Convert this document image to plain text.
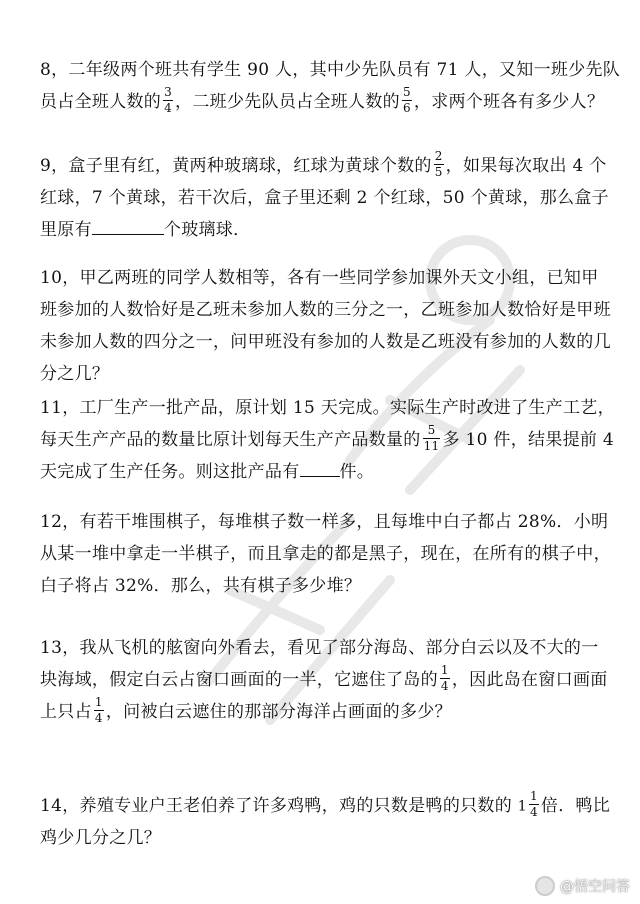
8，二年级两个班共有学生 90 人，其中少先队员有 71 人，又知一班少先队
员占全班人数的 $\frac{3}{4}$ ，二班少先队员占全班人数的 $\frac{5}{6}$ ，求两个班各有多少人？
9，盒子里有红，黄两种玻璃球，红球为黄球个数的 $\frac{2}{5}$ ，如果每次取出 4 个
红球，7 个黄球，若干次后，盒子里还剩 2 个红球，50 个黄球，那么盒子
里原有	个玻璃球．
10，甲乙两班的同学人数相等，各有一些同学参加课外天文小组，已知甲
班参加的人数恰好是乙班未参加人数的三分之一，乙班参加人数恰好是甲班
未参加人数的四分之一，问甲班没有参加的人数是乙班没有参加的人数的几
分之几？
11，工厂生产一批产品，原计划 15 天完成。实际生产时改进了生产工艺，
每天生产产品的数量比原计划每天生产产品数量的 $\frac{5}{11}$ 多 10 件，结果提前 4
天完成了生产任务。则这批产品有 件。
12，有若干堆围棋子，每堆棋子数一样多，且每堆中白子都占 28%．小明
从某一堆中拿走一半棋子，而且拿走的都是黑子，现在，在所有的棋子中，
白子将占 32%．那么，共有棋子多少堆？
13，我从飞机的舷窗向外看去，看见了部分海岛、部分白云以及不大的一
块海域，假定白云占窗口画面的一半，它遮住了岛的 $\frac{1}{4}$ ，因此岛在窗口画面
上只占 $\frac{1}{4}$ ，问被白云遮住的那部分海洋占画面的多少？
14，养殖专业户王老伯养了许多鸡鸭，鸡的只数是鸭的只数的 $1 \frac{1}{4}$ 倍．鸭比
鸡少几分之几？
@悟空问答
